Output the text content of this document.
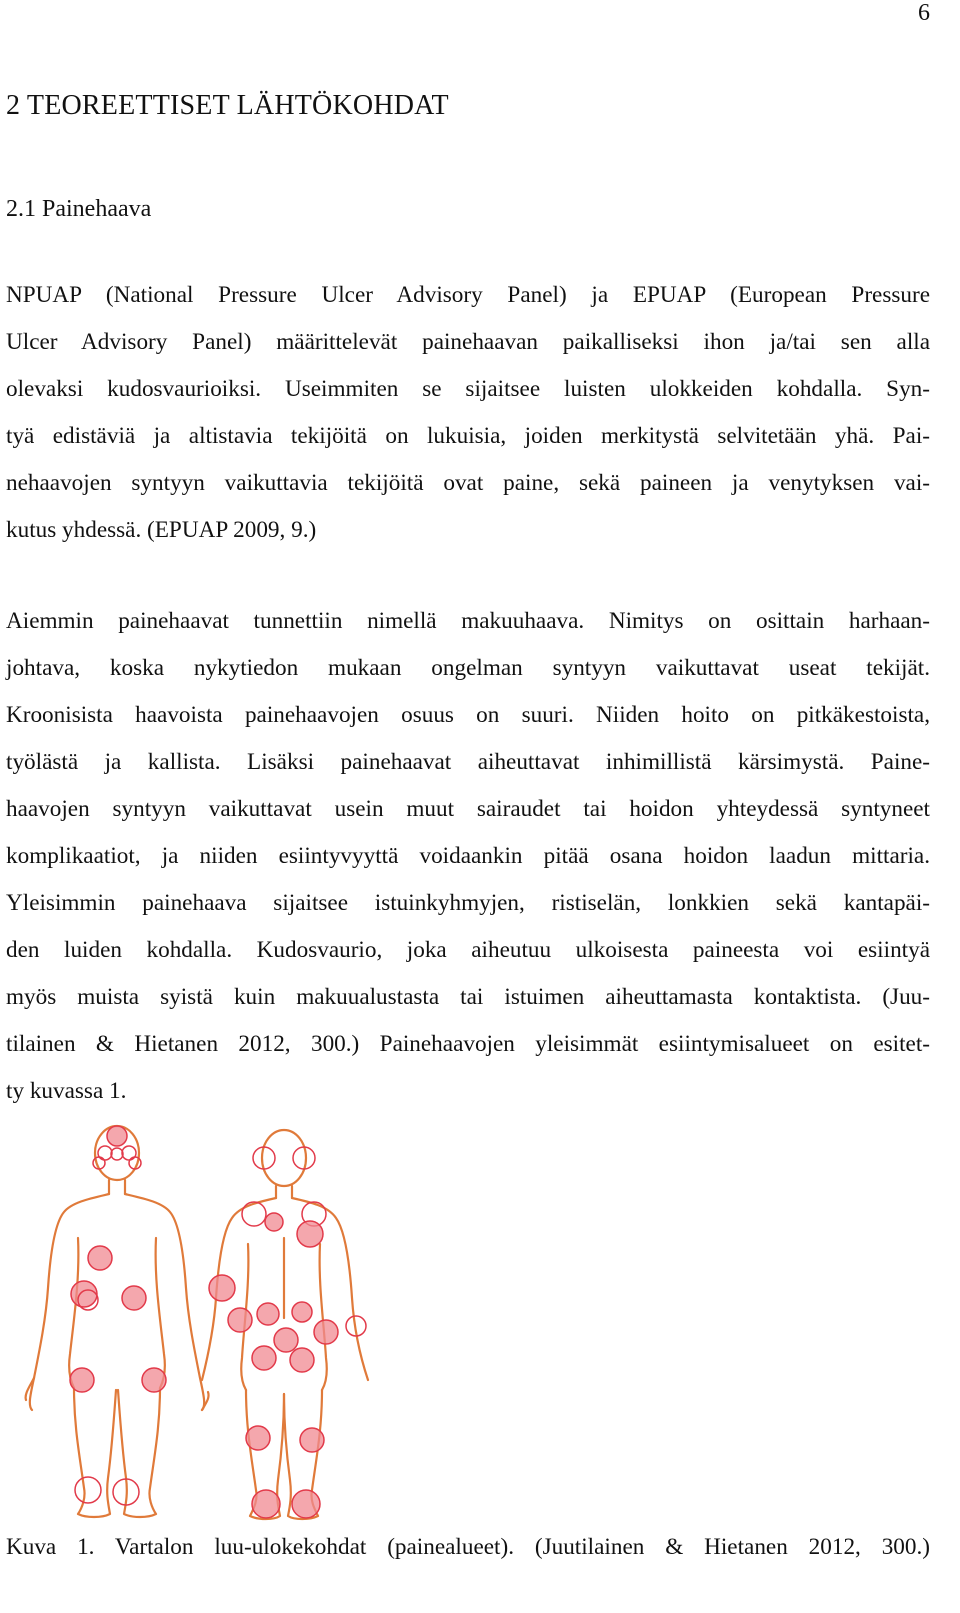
6
2 TEOREETTISET LÄHTÖKOHDAT
2.1 Painehaava

NPUAP (National Pressure Ulcer Advisory Panel) ja EPUAP (European Pressure
Ulcer Advisory Panel) määrittelevät painehaavan paikalliseksi ihon ja/tai sen alla
olevaksi kudosvaurioiksi. Useimmiten se sijaitsee luisten ulokkeiden kohdalla. Syn-
tyä edistäviä ja altistavia tekijöitä on lukuisia, joiden merkitystä selvitetään yhä. Pai-
nehaavojen syntyyn vaikuttavia tekijöitä ovat paine, sekä paineen ja venytyksen vai-
kutus yhdessä. (EPUAP 2009, 9.)

Aiemmin painehaavat tunnettiin nimellä makuuhaava. Nimitys on osittain harhaan-
johtava, koska nykytiedon mukaan ongelman syntyyn vaikuttavat useat tekijät.
Kroonisista haavoista painehaavojen osuus on suuri. Niiden hoito on pitkäkestoista,
työlästä ja kallista. Lisäksi painehaavat aiheuttavat inhimillistä kärsimystä. Paine-
haavojen syntyyn vaikuttavat usein muut sairaudet tai hoidon yhteydessä syntyneet
komplikaatiot, ja niiden esiintyvyyttä voidaankin pitää osana hoidon laadun mittaria.
Yleisimmin painehaava sijaitsee istuinkyhmyjen, ristiselän, lonkkien sekä kantapäi-
den luiden kohdalla. Kudosvaurio, joka aiheutuu ulkoisesta paineesta voi esiintyä
myös muista syistä kuin makuualustasta tai istuimen aiheuttamasta kontaktista. (Juu-
tilainen & Hietanen 2012, 300.) Painehaavojen yleisimmät esiintymisalueet on esitet-
ty kuvassa 1.

Kuva 1. Vartalon luu-ulokekohdat (painealueet). (Juutilainen & Hietanen 2012, 300.)
